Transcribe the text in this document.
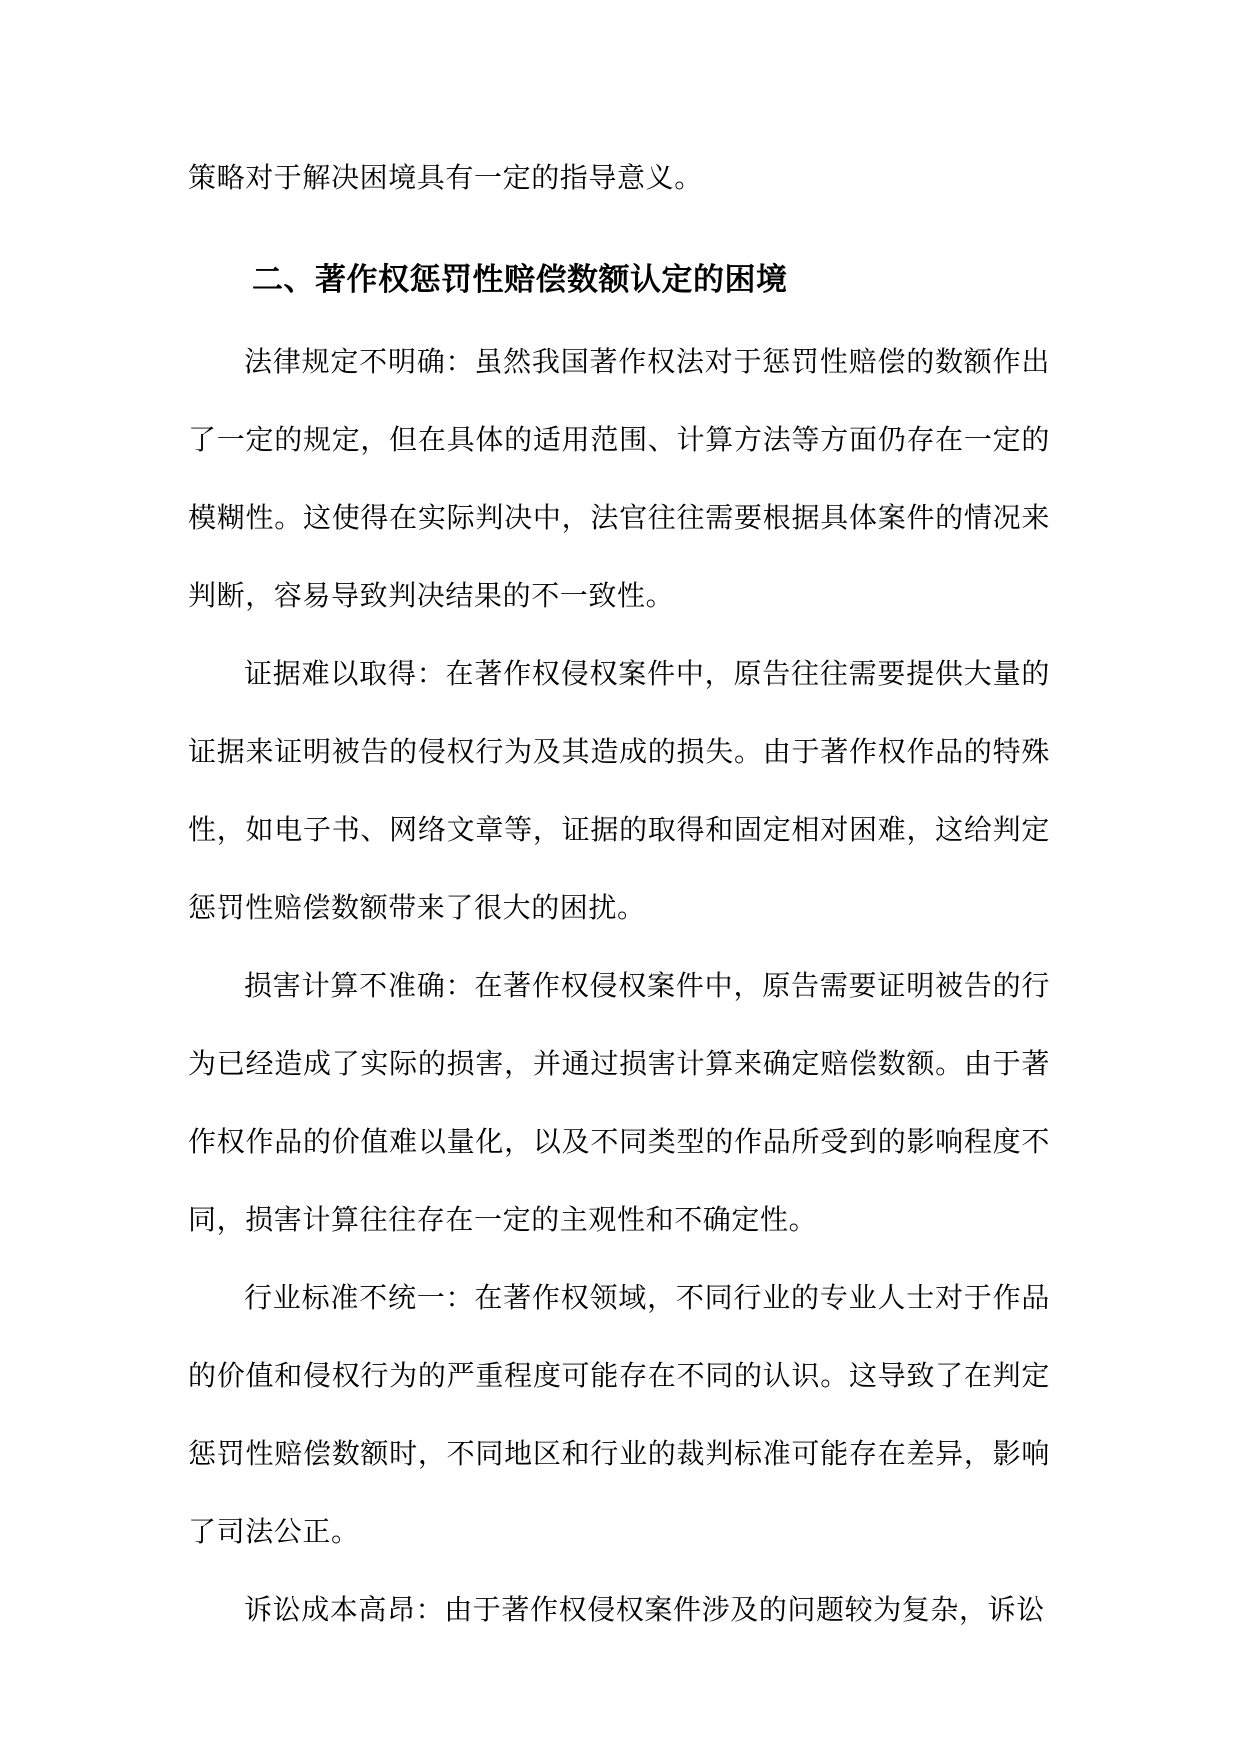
策略对于解决困境具有一定的指导意义。

二、著作权惩罚性赔偿数额认定的困境

法律规定不明确：虽然我国著作权法对于惩罚性赔偿的数额作出了一定的规定，但在具体的适用范围、计算方法等方面仍存在一定的模糊性。这使得在实际判决中，法官往往需要根据具体案件的情况来判断，容易导致判决结果的不一致性。

证据难以取得：在著作权侵权案件中，原告往往需要提供大量的证据来证明被告的侵权行为及其造成的损失。由于著作权作品的特殊性，如电子书、网络文章等，证据的取得和固定相对困难，这给判定惩罚性赔偿数额带来了很大的困扰。

损害计算不准确：在著作权侵权案件中，原告需要证明被告的行为已经造成了实际的损害，并通过损害计算来确定赔偿数额。由于著作权作品的价值难以量化，以及不同类型的作品所受到的影响程度不同，损害计算往往存在一定的主观性和不确定性。

行业标准不统一：在著作权领域，不同行业的专业人士对于作品的价值和侵权行为的严重程度可能存在不同的认识。这导致了在判定惩罚性赔偿数额时，不同地区和行业的裁判标准可能存在差异，影响了司法公正。

诉讼成本高昂：由于著作权侵权案件涉及的问题较为复杂，诉讼
